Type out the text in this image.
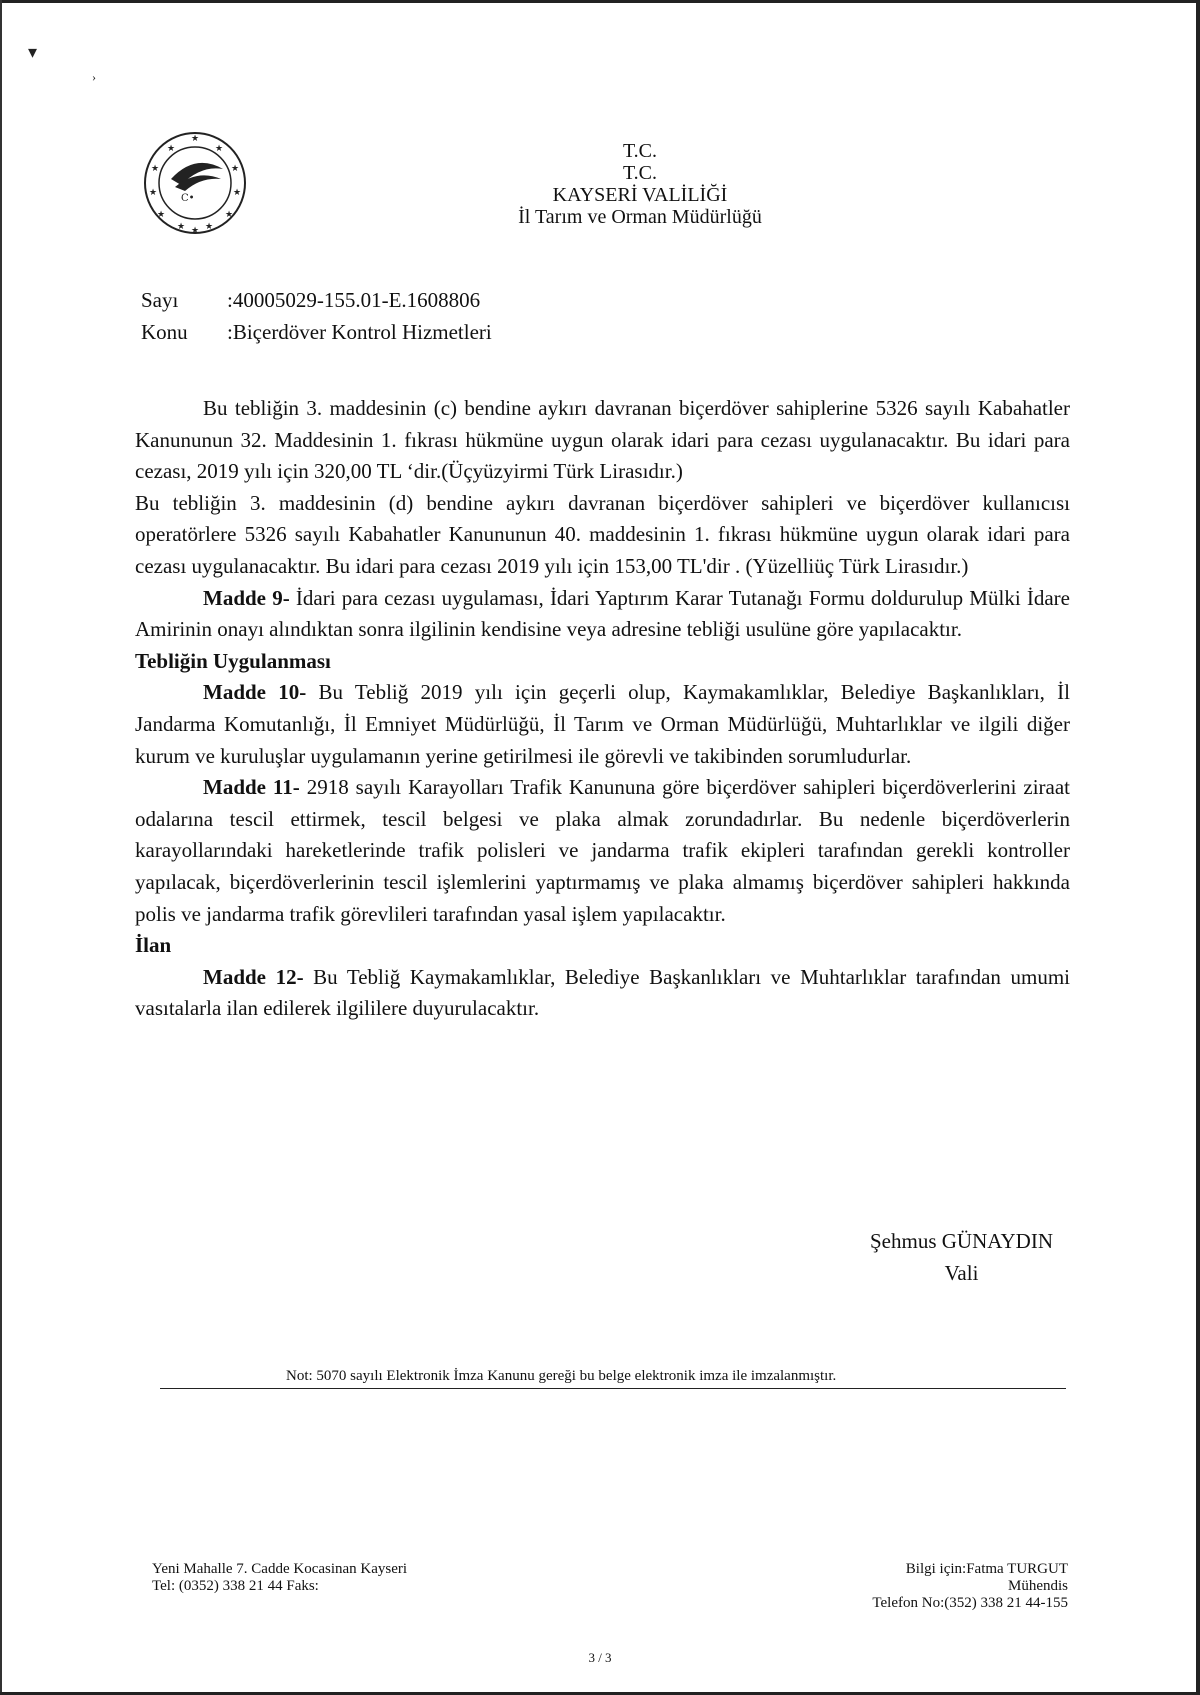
▾
›
★
★	★
★	★
★	★
★	★
★ ★
★
C•
T.C.
T.C.
KAYSERİ VALİLİĞİ
İl Tarım ve Orman Müdürlüğü
Sayı	:40005029-155.01-E.1608806
Konu	:Biçerdöver Kontrol Hizmetleri

Bu tebliğin 3. maddesinin (c) bendine aykırı davranan biçerdöver sahiplerine 5326 sayılı Kabahatler Kanununun 32. Maddesinin 1. fıkrası hükmüne uygun olarak idari para cezası uygulanacaktır. Bu idari para cezası, 2019 yılı için 320,00 TL ‘dir.(Üçyüzyirmi Türk Lirasıdır.)

Bu tebliğin 3. maddesinin (d) bendine aykırı davranan biçerdöver sahipleri ve biçerdöver kullanıcısı operatörlere 5326 sayılı Kabahatler Kanununun 40. maddesinin 1. fıkrası hükmüne uygun olarak idari para cezası uygulanacaktır. Bu idari para cezası 2019 yılı için 153,00 TL'dir . (Yüzelliüç Türk Lirasıdır.)

Madde 9- İdari para cezası uygulaması, İdari Yaptırım Karar Tutanağı Formu doldurulup Mülki İdare Amirinin onayı alındıktan sonra ilgilinin kendisine veya adresine tebliği usulüne göre yapılacaktır.

Tebliğin Uygulanması

Madde 10- Bu Tebliğ 2019 yılı için geçerli olup, Kaymakamlıklar, Belediye Başkanlıkları, İl Jandarma Komutanlığı, İl Emniyet Müdürlüğü, İl Tarım ve Orman Müdürlüğü, Muhtarlıklar ve ilgili diğer kurum ve kuruluşlar uygulamanın yerine getirilmesi ile görevli ve takibinden sorumludurlar.

Madde 11- 2918 sayılı Karayolları Trafik Kanununa göre biçerdöver sahipleri biçerdöverlerini ziraat odalarına tescil ettirmek, tescil belgesi ve plaka almak zorundadırlar. Bu nedenle biçerdöverlerin karayollarındaki hareketlerinde trafik polisleri ve jandarma trafik ekipleri tarafından gerekli kontroller yapılacak, biçerdöverlerinin tescil işlemlerini yaptırmamış ve plaka almamış biçerdöver sahipleri hakkında polis ve jandarma trafik görevlileri tarafından yasal işlem yapılacaktır.

İlan

Madde 12- Bu Tebliğ Kaymakamlıklar, Belediye Başkanlıkları ve Muhtarlıklar tarafından umumi vasıtalarla ilan edilerek ilgililere duyurulacaktır.

Şehmus GÜNAYDIN
Vali
Not: 5070 sayılı Elektronik İmza Kanunu gereği bu belge elektronik imza ile imzalanmıştır.
Yeni Mahalle 7. Cadde Kocasinan Kayseri
Tel: (0352) 338 21 44 Faks:
Bilgi için:Fatma TURGUT
Mühendis
Telefon No:(352) 338 21 44-155
3 / 3
